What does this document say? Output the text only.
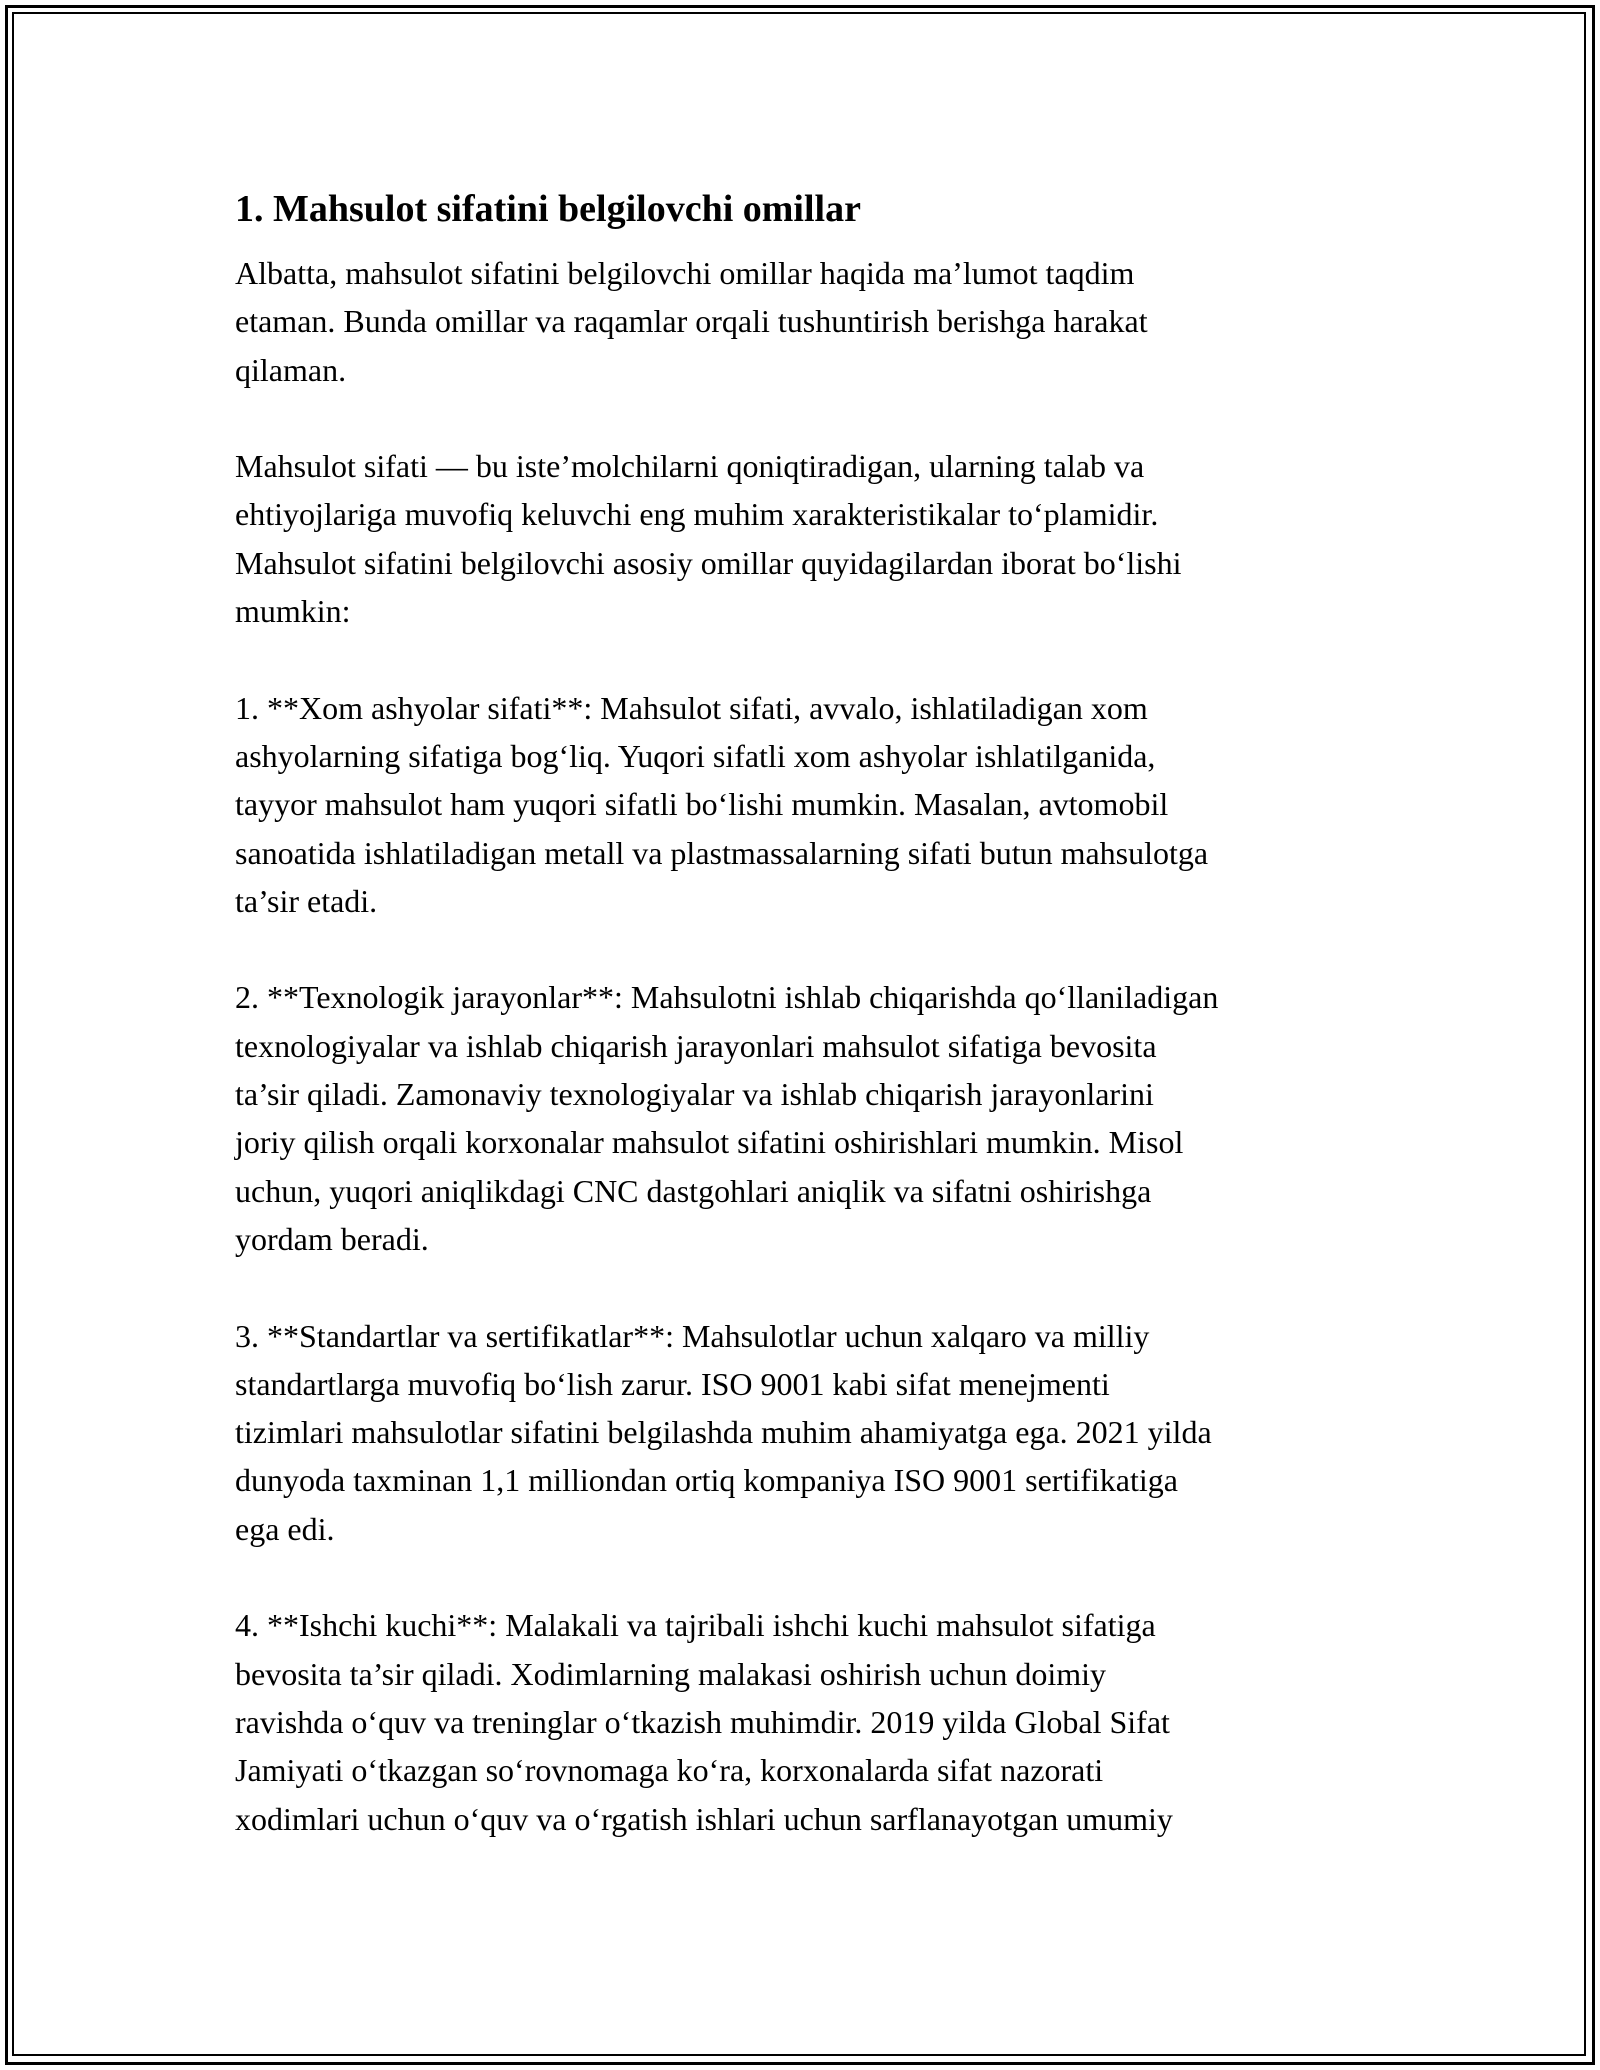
1. Mahsulot sifatini belgilovchi omillar

Albatta, mahsulot sifatini belgilovchi omillar haqida ma’lumot taqdim
etaman. Bunda omillar va raqamlar orqali tushuntirish berishga harakat
qilaman.

Mahsulot sifati — bu iste’molchilarni qoniqtiradigan, ularning talab va
ehtiyojlariga muvofiq keluvchi eng muhim xarakteristikalar to‘plamidir.
Mahsulot sifatini belgilovchi asosiy omillar quyidagilardan iborat bo‘lishi
mumkin:

1. **Xom ashyolar sifati**: Mahsulot sifati, avvalo, ishlatiladigan xom
ashyolarning sifatiga bog‘liq. Yuqori sifatli xom ashyolar ishlatilganida,
tayyor mahsulot ham yuqori sifatli bo‘lishi mumkin. Masalan, avtomobil
sanoatida ishlatiladigan metall va plastmassalarning sifati butun mahsulotga
ta’sir etadi.

2. **Texnologik jarayonlar**: Mahsulotni ishlab chiqarishda qo‘llaniladigan
texnologiyalar va ishlab chiqarish jarayonlari mahsulot sifatiga bevosita
ta’sir qiladi. Zamonaviy texnologiyalar va ishlab chiqarish jarayonlarini
joriy qilish orqali korxonalar mahsulot sifatini oshirishlari mumkin. Misol
uchun, yuqori aniqlikdagi CNC dastgohlari aniqlik va sifatni oshirishga
yordam beradi.

3. **Standartlar va sertifikatlar**: Mahsulotlar uchun xalqaro va milliy
standartlarga muvofiq bo‘lish zarur. ISO 9001 kabi sifat menejmenti
tizimlari mahsulotlar sifatini belgilashda muhim ahamiyatga ega. 2021 yilda
dunyoda taxminan 1,1 milliondan ortiq kompaniya ISO 9001 sertifikatiga
ega edi.

4. **Ishchi kuchi**: Malakali va tajribali ishchi kuchi mahsulot sifatiga
bevosita ta’sir qiladi. Xodimlarning malakasi oshirish uchun doimiy
ravishda o‘quv va treninglar o‘tkazish muhimdir. 2019 yilda Global Sifat
Jamiyati o‘tkazgan so‘rovnomaga ko‘ra, korxonalarda sifat nazorati
xodimlari uchun o‘quv va o‘rgatish ishlari uchun sarflanayotgan umumiy
